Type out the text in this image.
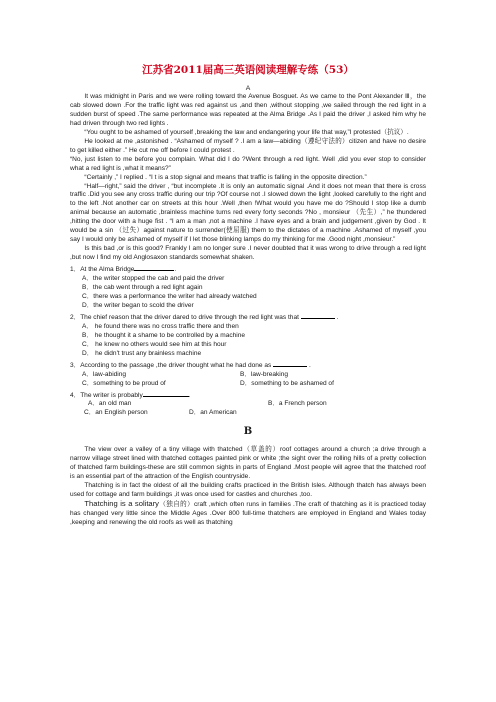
江苏省2011届高三英语阅读理解专练（53）
A

It was midnight in Paris and we were rolling toward the Avenue Bosguet. As we came to the Pont Alexander Ⅲ，the cab slowed down .For the traffic light was red against us ,and then ,without stopping ,we sailed through the red light in a sudden burst of speed .The same performance was repeated at the Alma Bridge .As I paid the driver ,I asked him why he had driven through two red lights .

“You ought to be ashamed of yourself ,breaking the law and endangering your life that way,”I protested（抗议）.

He looked at me ,astonished . “Ashamed of myself ? .I am a law—abiding（遵纪守法的）citizen and have no desire to get killed either .” He cut me off before I could protest .

“No, just listen to me before you complain. What did I do ?Went through a red light. Well ,did you ever stop to consider what a red light is ,what it means?”

“Certainly ,” I replied . “I t is a stop signal and means that traffic is falling in the opposite direction.”

“Half—right,” said the driver , “but incomplete .It is only an automatic signal .And it does not mean that there is cross traffic .Did you see any cross traffic during our trip ?Of course not .I slowed down the light ,looked carefully to the right and to the left .Not another car on streets at this hour .Well ,then !What would you have me do ?Should I stop like a dumb animal because an automatic ,brainless machine turns red every forty seconds ?No , monsieur （先生）,” he thundered ,hitting the door with a huge fist . “I am a man ,not a machine .I have eyes and a brain and judgement ,given by God . It would be a sin （过失）against nature to surrender(使屈服) them to the dictates of a machine .Ashamed of myself ,you say I would only be ashamed of myself if I let those blinking lamps do my thinking for me .Good night ,monsieur.”

Is this bad ,or is this good? Frankly I am no longer sure .I never doubted that it was wrong to drive through a red light ,but now I find my old Anglosaxon standards somewhat shaken.

1．At the Alma Bridge	.
A．the writer stopped the cab and paid the driver
B．the cab went through a red light again
C．there was a performance the writer had already watched
D．the writer began to scold the driver
2．The chief reason that the driver dared to drive through the red light was that	.
A． he found there was no cross traffic there and then
B． he thought it a shame to be controlled by a machine
C． he knew no others would see him at this hour
D． he didn't trust any brainless machine
3．According to the passage ,the driver thought what he had done as	.
A．law-abiding	B．law-breaking
C．something to be proud of	D．something to be ashamed of
4．The writer is probably	.
A．an old man	B．a French person
C．an English person	D．an American
B

The view over a valley of a tiny village with thatched（草盖的）roof cottages around a church ;a drive through a narrow village street lined with thatched cottages painted pink or white ;the sight over the rolling hills of a pretty collection of thatched farm buildings-these are still common sights in parts of England .Most people will agree that the thatched roof is an essential part of the attraction of the English countryside.

Thatching is in fact the oldest of all the building crafts practiced in the British Isles. Although thatch has always been used for cottage and farm buildings ,it was once used for castles and churches ,too.

Thatching is a solitary（独自的）craft ,which often runs in families .The craft of thatching as it is practiced today has changed very little since the Middle Ages .Over 800 full-time thatchers are employed in England and Wales today ,keeping and renewing the old roofs as well as thatching
